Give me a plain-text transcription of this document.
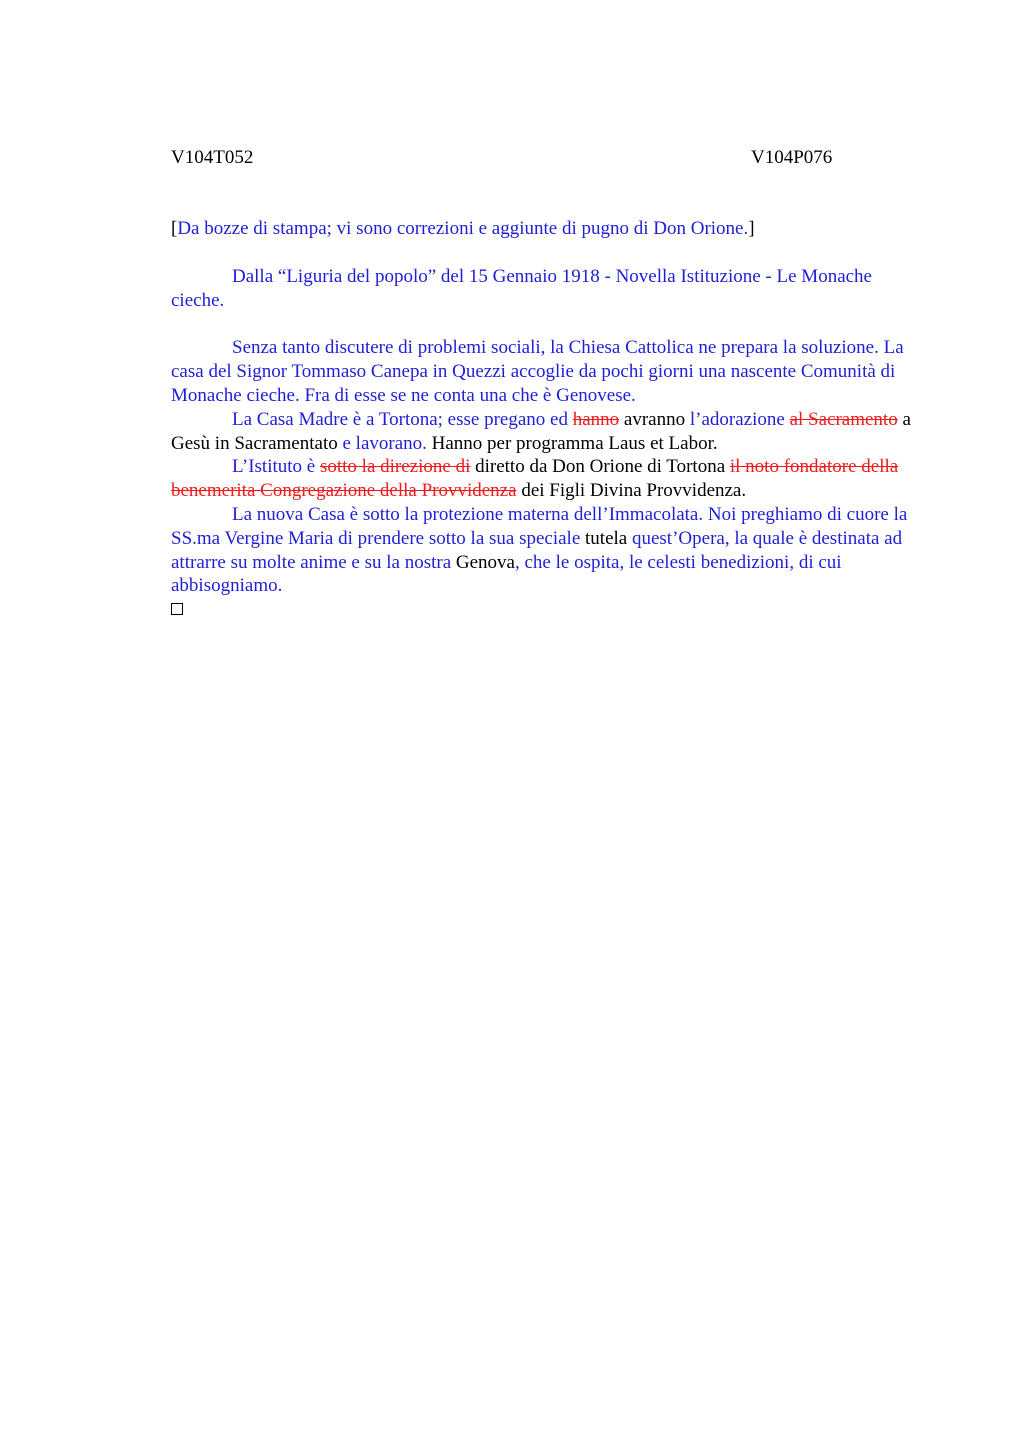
V104T052	V104P076

[Da bozze di stampa; vi sono correzioni e aggiunte di pugno di Don Orione.]

Dalla “Liguria del popolo” del 15 Gennaio 1918 - Novella Istituzione - Le Monache cieche.

Senza tanto discutere di problemi sociali, la Chiesa Cattolica ne prepara la soluzione. La casa del Signor Tommaso Canepa in Quezzi accoglie da pochi giorni una nascente Comunità di Monache cieche. Fra di esse se ne conta una che è Genovese.

La Casa Madre è a Tortona; esse pregano ed hanno avranno l’adorazione al Sacramento a Gesù in Sacramentato e lavorano. Hanno per programma Laus et Labor.

L’Istituto è sotto la direzione di diretto da Don Orione di Tortona il noto fondatore della benemerita Congregazione della Provvidenza dei Figli Divina Provvidenza.

La nuova Casa è sotto la protezione materna dell’Immacolata. Noi preghiamo di cuore la SS.ma Vergine Maria di prendere sotto la sua speciale tutela quest’Opera, la quale è destinata ad attrarre su molte anime e su la nostra Genova, che le ospita, le celesti benedizioni, di cui abbisogniamo.
